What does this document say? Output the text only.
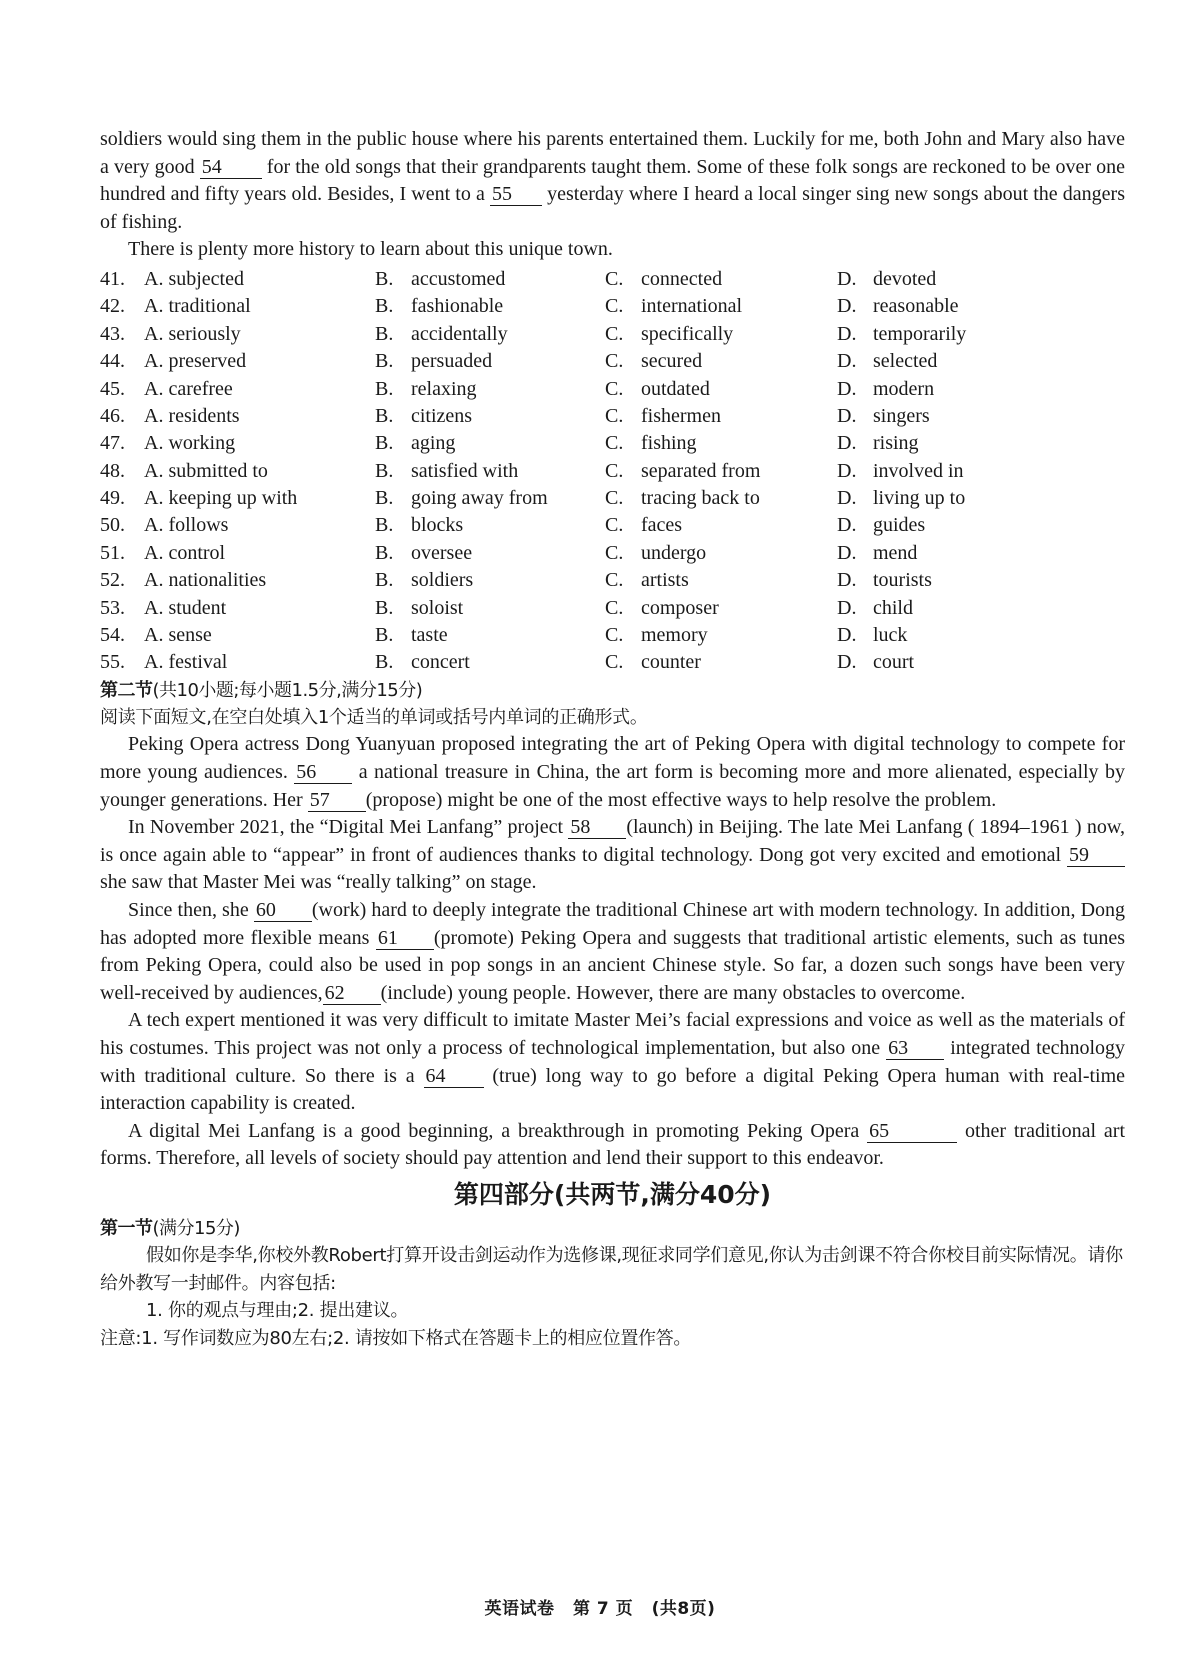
soldiers would sing them in the public house where his parents entertained them. Luckily for me, both John and Mary also have a very good 54 for the old songs that their grandparents taught them. Some of these folk songs are reckoned to be over one hundred and fifty years old. Besides, I went to a 55 yesterday where I heard a local singer sing new songs about the dangers of fishing.

There is plenty more history to learn about this unique town.

41. A. subjected	B. accustomed	C. connected	D. devoted
42. A. traditional	B. fashionable	C. international	D. reasonable
43. A. seriously	B. accidentally	C. specifically	D. temporarily
44. A. preserved	B. persuaded	C. secured	D. selected
45. A. carefree	B. relaxing	C. outdated	D. modern
46. A. residents	B. citizens	C. fishermen	D. singers
47. A. working	B. aging	C. fishing	D. rising
48. A. submitted to	B. satisfied with	C. separated from	D. involved in
49. A. keeping up with	B. going away from	C. tracing back to	D. living up to
50. A. follows	B. blocks	C. faces	D. guides
51. A. control	B. oversee	C. undergo	D. mend
52. A. nationalities	B. soldiers	C. artists	D. tourists
53. A. student	B. soloist	C. composer	D. child
54. A. sense	B. taste	C. memory	D. luck
55. A. festival	B. concert	C. counter	D. court

第二节(共10小题;每小题1.5分,满分15分)

阅读下面短文,在空白处填入1个适当的单词或括号内单词的正确形式。

Peking Opera actress Dong Yuanyuan proposed integrating the art of Peking Opera with digital technology to compete for more young audiences. 56 a national treasure in China, the art form is becoming more and more alienated, especially by younger generations. Her 57 (propose) might be one of the most effective ways to help resolve the problem.

In November 2021, the “Digital Mei Lanfang” project 58 (launch) in Beijing. The late Mei Lanfang ( 1894–1961 ) now, is once again able to “appear” in front of audiences thanks to digital technology. Dong got very excited and emotional 59 she saw that Master Mei was “really talking” on stage.

Since then, she 60 (work) hard to deeply integrate the traditional Chinese art with modern technology. In addition, Dong has adopted more flexible means 61 (promote) Peking Opera and suggests that traditional artistic elements, such as tunes from Peking Opera, could also be used in pop songs in an ancient Chinese style. So far, a dozen such songs have been very well-received by audiences, 62 (include) young people. However, there are many obstacles to overcome.

A tech expert mentioned it was very difficult to imitate Master Mei’s facial expressions and voice as well as the materials of his costumes. This project was not only a process of technological implementation, but also one 63 integrated technology with traditional culture. So there is a 64 (true) long way to go before a digital Peking Opera human with real-time interaction capability is created.

A digital Mei Lanfang is a good beginning, a breakthrough in promoting Peking Opera 65	other traditional art forms. Therefore, all levels of society should pay attention and lend their support to this endeavor.

第四部分(共两节,满分40分)

第一节(满分15分)

假如你是李华,你校外教Robert打算开设击剑运动作为选修课,现征求同学们意见,你认为击剑课不符合你校目前实际情况。请你给外教写一封邮件。内容包括:

1. 你的观点与理由;2. 提出建议。

注意:1. 写作词数应为80左右;2. 请按如下格式在答题卡上的相应位置作答。

英语试卷 第 7 页 (共8页)
